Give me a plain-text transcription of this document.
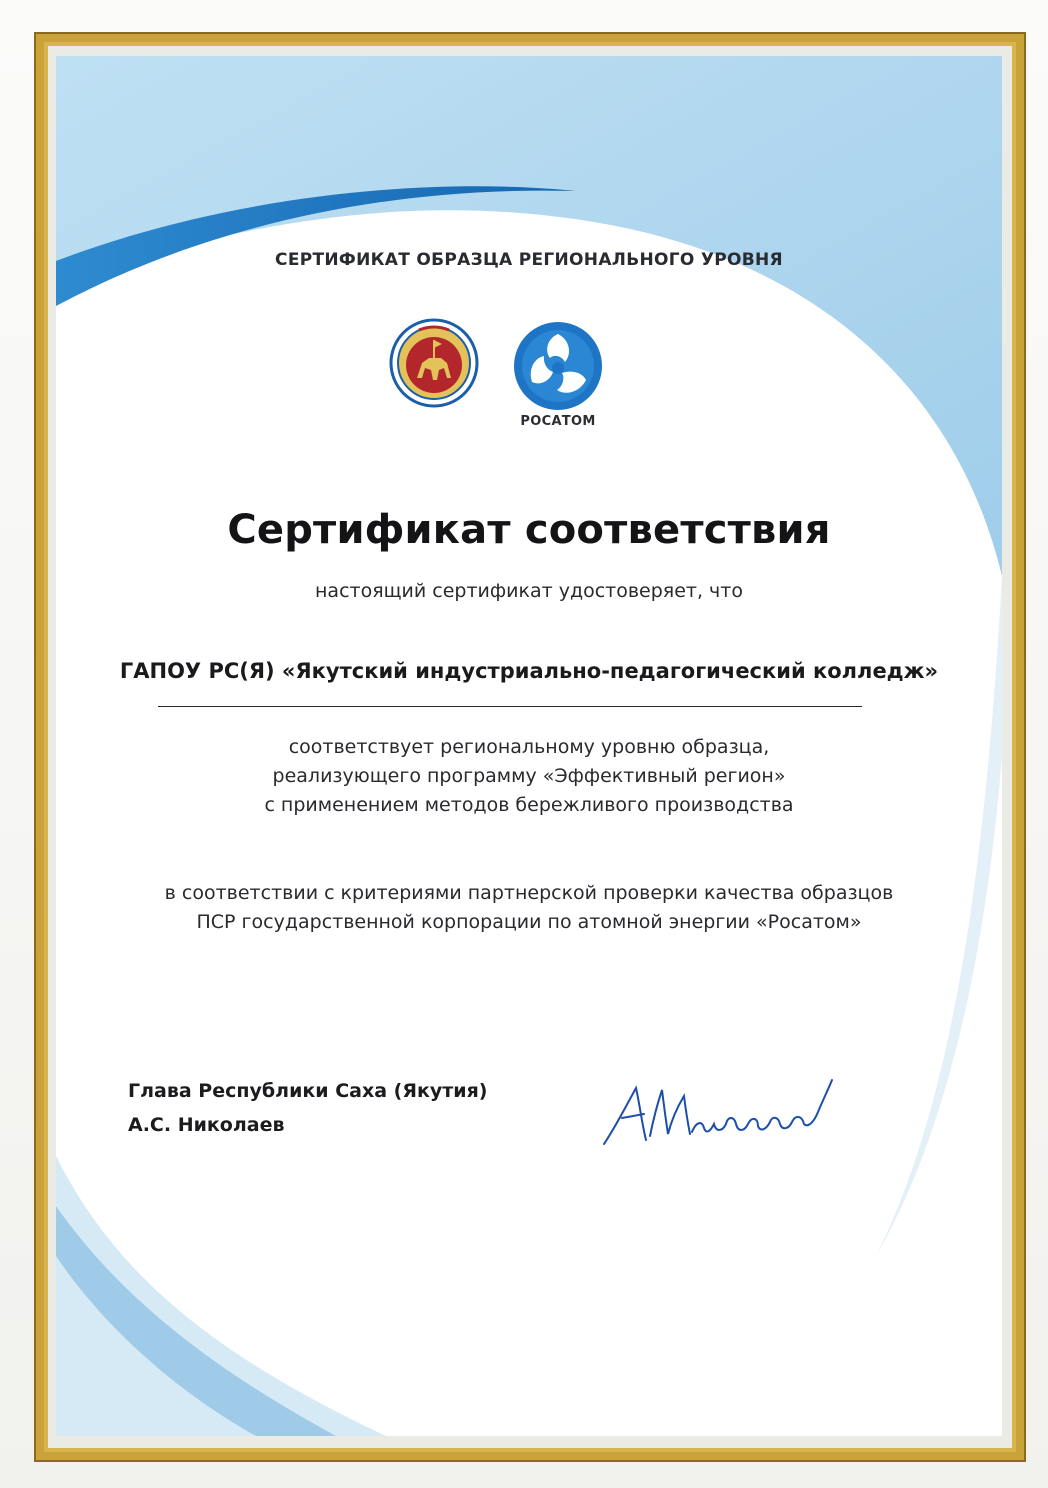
СЕРТИФИКАТ ОБРАЗЦА РЕГИОНАЛЬНОГО УРОВНЯ
РОСАТОМ
Сертификат соответствия
настоящий сертификат удостоверяет, что
ГАПОУ РС(Я) «Якутский индустриально-педагогический колледж»
соответствует региональному уровню образца,
реализующего программу «Эффективный регион»
с применением методов бережливого производства
в соответствии с критериями партнерской проверки качества образцов
ПСР государственной корпорации по атомной энергии «Росатом»
Глава Республики Саха (Якутия)
А.С. Николаев
